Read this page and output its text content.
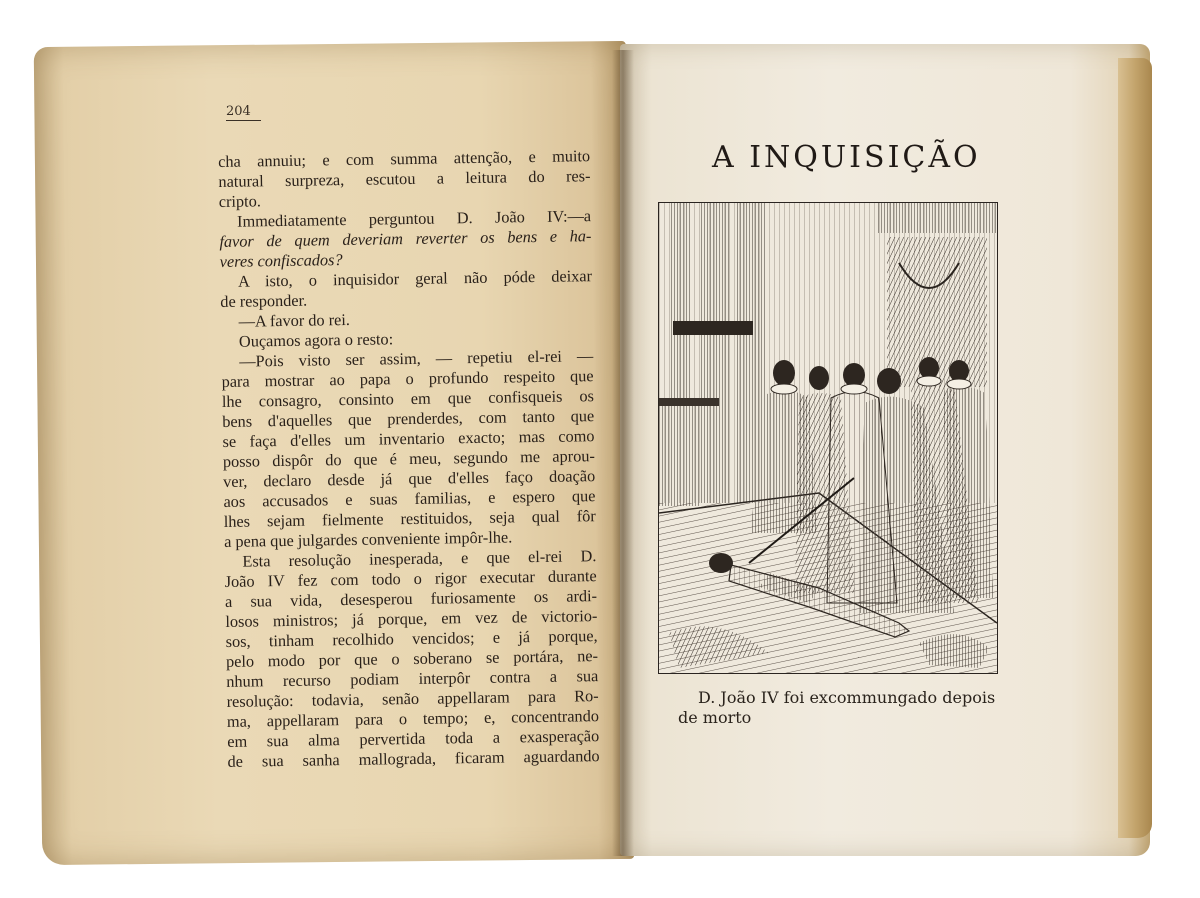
204
cha annuiu; e com summa attenção, e muito
natural surpreza, escutou a leitura do res-
cripto.
Immediatamente perguntou D. João IV:—a
favor de quem deveriam reverter os bens e ha-
veres confiscados?
A isto, o inquisidor geral não póde deixar
de responder.
—A favor do rei.
Ouçamos agora o resto:
—Pois visto ser assim, — repetiu el-rei —
para mostrar ao papa o profundo respeito que
lhe consagro, consinto em que confisqueis os
bens d'aquelles que prenderdes, com tanto que
se faça d'elles um inventario exacto; mas como
posso dispôr do que é meu, segundo me aprou-
ver, declaro desde já que d'elles faço doação
aos accusados e suas familias, e espero que
lhes sejam fielmente restituidos, seja qual fôr
a pena que julgardes conveniente impôr-lhe.
Esta resolução inesperada, e que el-rei D.
João IV fez com todo o rigor executar durante
a sua vida, desesperou furiosamente os ardi-
losos ministros; já porque, em vez de victorio-
sos, tinham recolhido vencidos; e já porque,
pelo modo por que o soberano se portára, ne-
nhum recurso podiam interpôr contra a sua
resolução: todavia, senão appellaram para Ro-
ma, appellaram para o tempo; e, concentrando
em sua alma pervertida toda a exasperação
de sua sanha mallograda, ficaram aguardando
A INQUISIÇÃO
D. João IV foi excommungado depois
de morto
